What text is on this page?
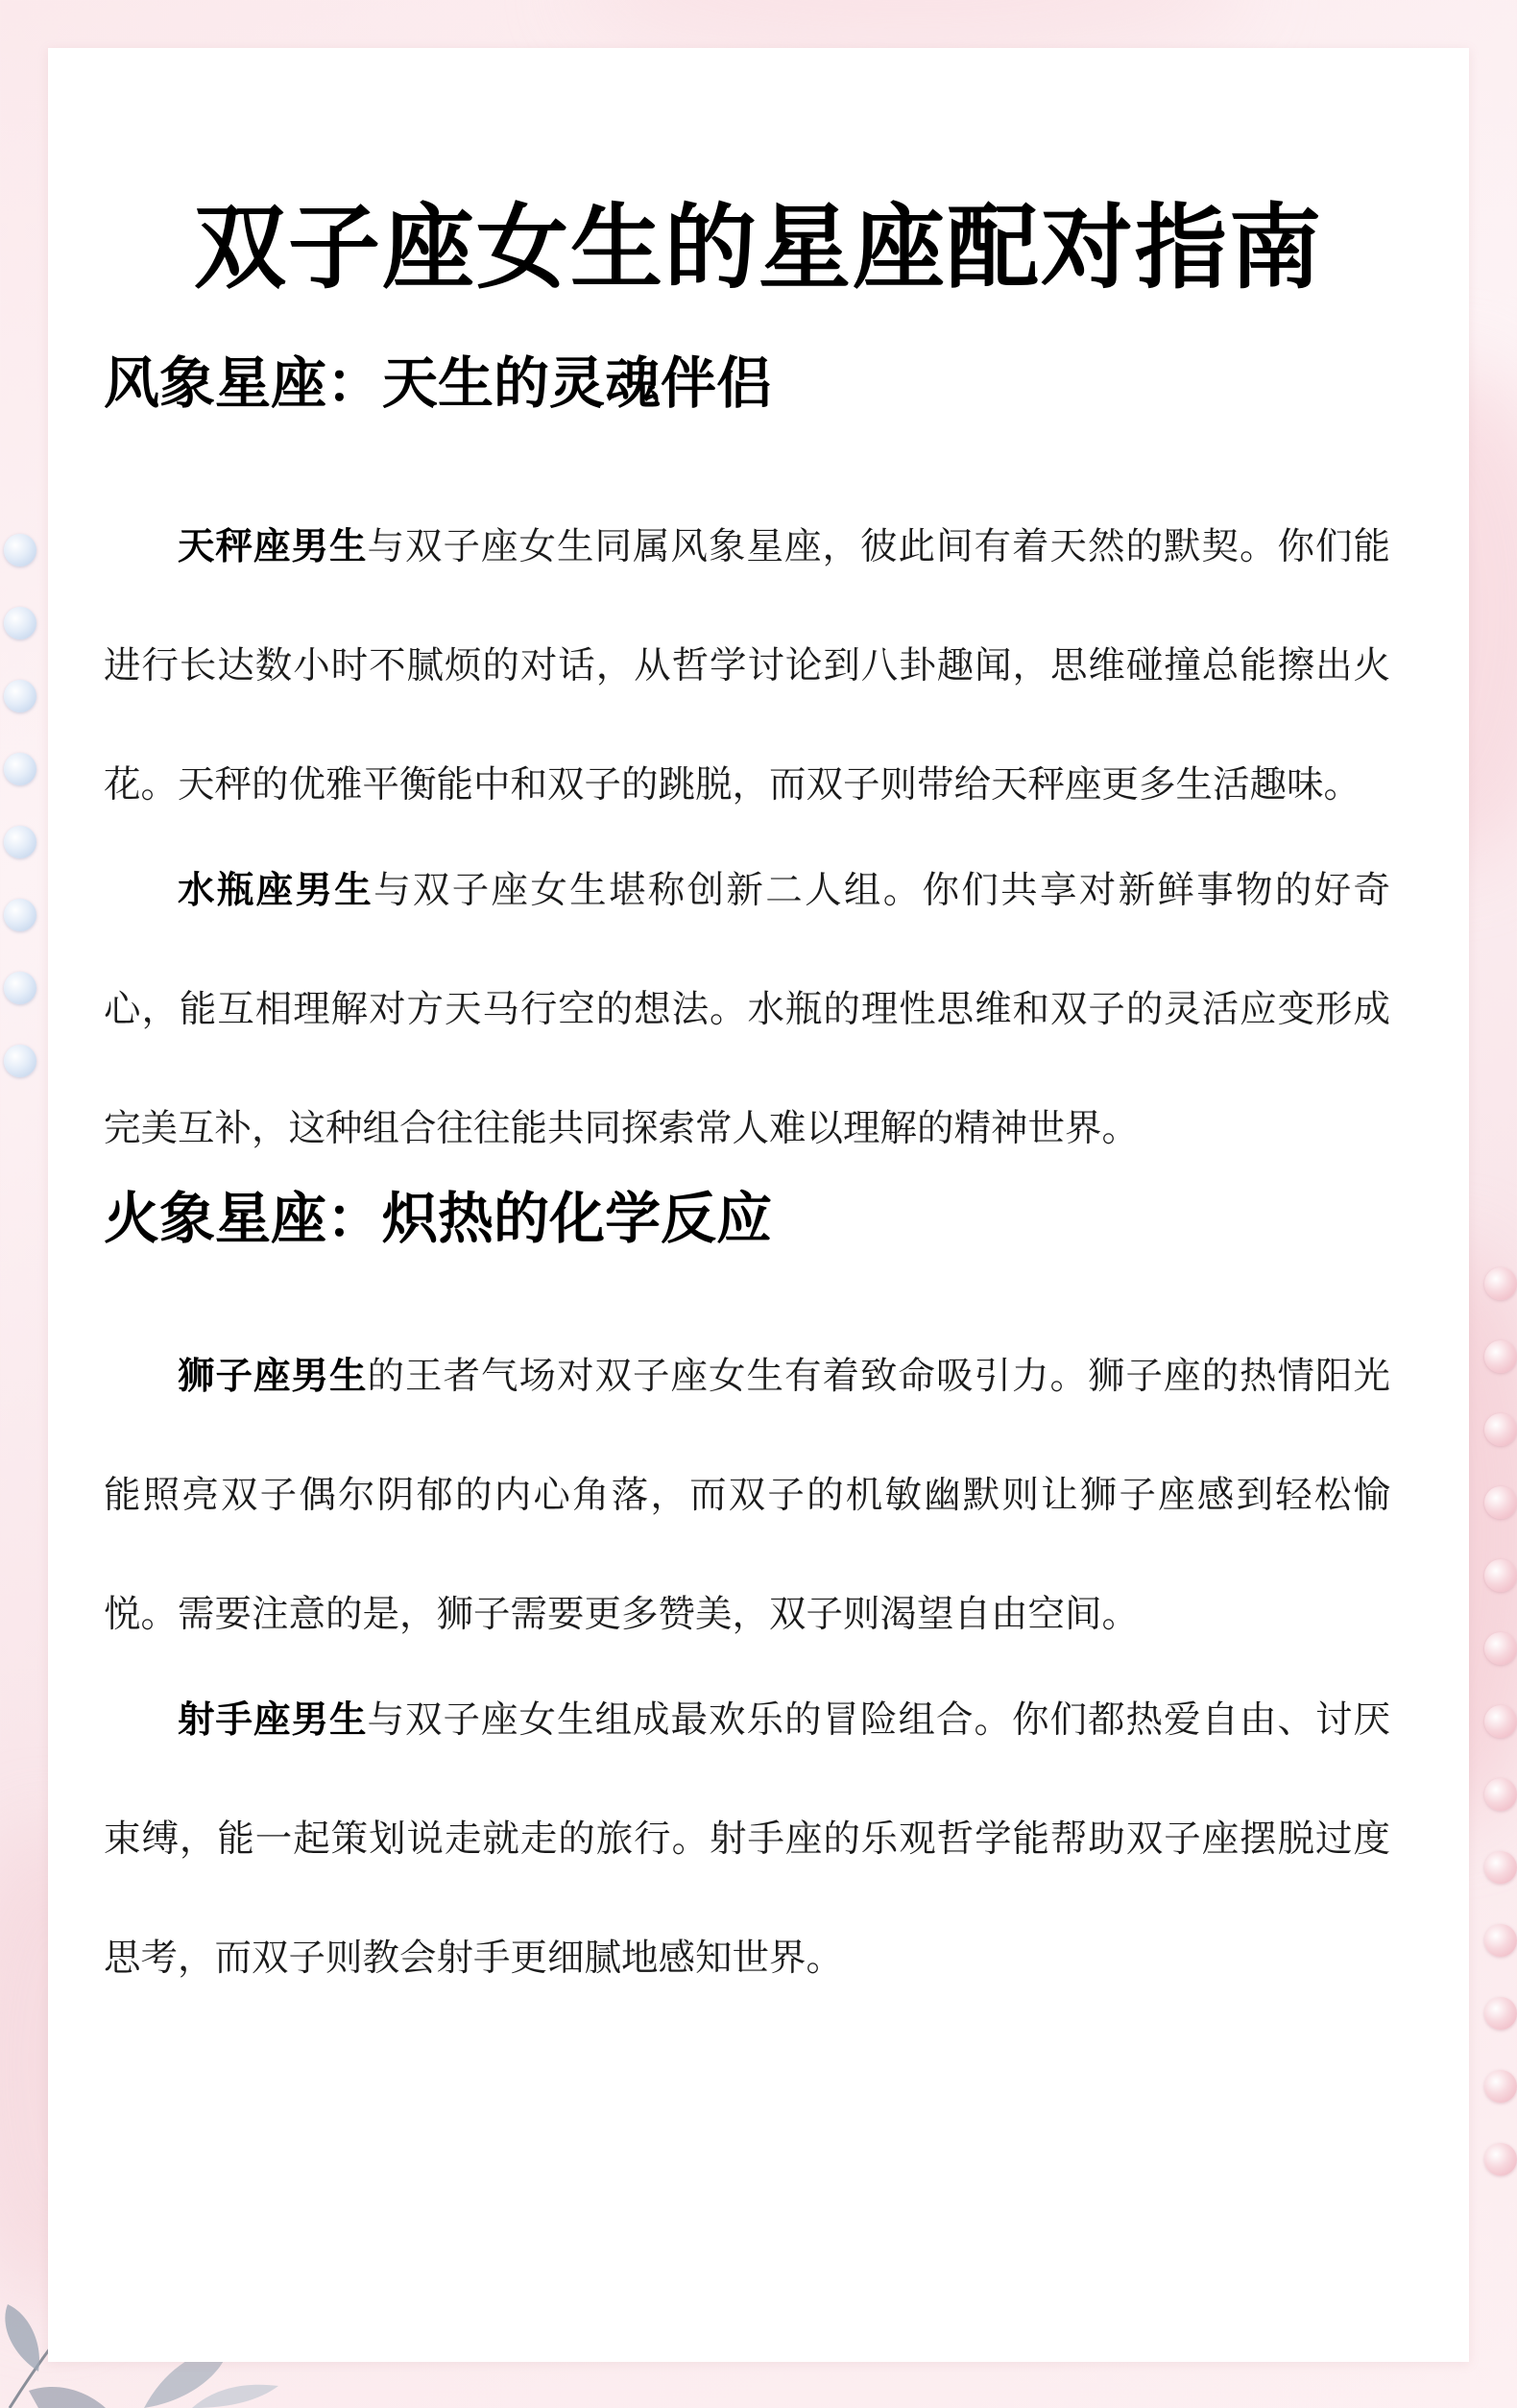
双子座女生的星座配对指南
风象星座：天生的灵魂伴侣

天秤座男生与双子座女生同属风象星座，彼此间有着天然的默契。你们能进行长达数小时不腻烦的对话，从哲学讨论到八卦趣闻，思维碰撞总能擦出火花。天秤的优雅平衡能中和双子的跳脱，而双子则带给天秤座更多生活趣味。

水瓶座男生与双子座女生堪称创新二人组。你们共享对新鲜事物的好奇心，能互相理解对方天马行空的想法。水瓶的理性思维和双子的灵活应变形成完美互补，这种组合往往能共同探索常人难以理解的精神世界。

火象星座：炽热的化学反应

狮子座男生的王者气场对双子座女生有着致命吸引力。狮子座的热情阳光能照亮双子偶尔阴郁的内心角落，而双子的机敏幽默则让狮子座感到轻松愉悦。需要注意的是，狮子需要更多赞美，双子则渴望自由空间。

射手座男生与双子座女生组成最欢乐的冒险组合。你们都热爱自由、讨厌束缚，能一起策划说走就走的旅行。射手座的乐观哲学能帮助双子座摆脱过度思考，而双子则教会射手更细腻地感知世界。
